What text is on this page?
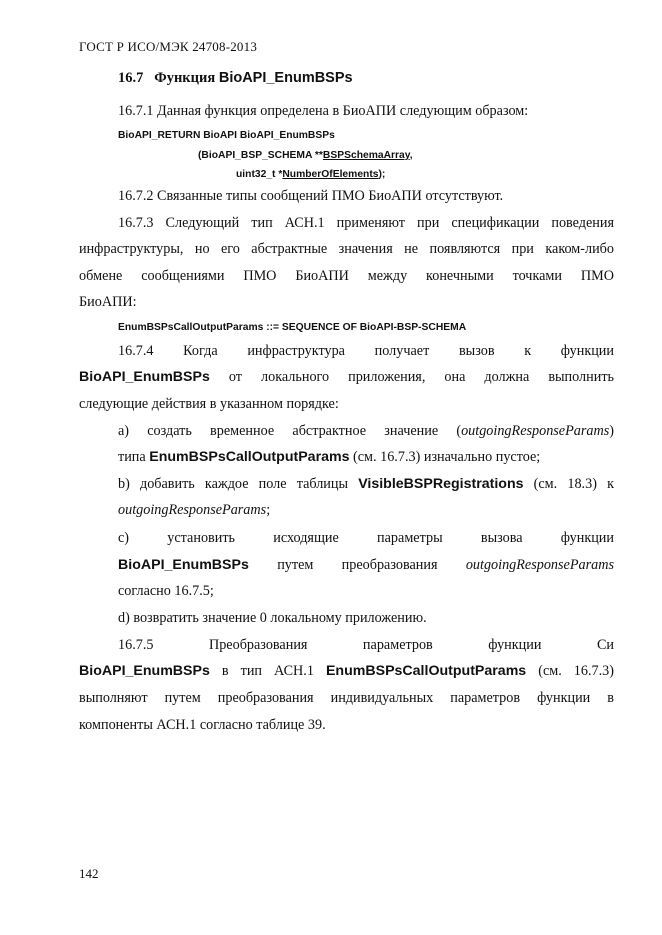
ГОСТ Р ИСО/МЭК 24708-2013
16.7 Функция BioAPI_EnumBSPs
16.7.1 Данная функция определена в БиоАПИ следующим образом:
BioAPI_RETURN BioAPI BioAPI_EnumBSPs
(BioAPI_BSP_SCHEMA **BSPSchemaArray,
uint32_t *NumberOfElements);
16.7.2 Связанные типы сообщений ПМО БиоАПИ отсутствуют.
16.7.3 Следующий тип АСН.1 применяют при спецификации поведения
инфраструктуры, но его абстрактные значения не появляются при каком-либо
обмене сообщениями ПМО БиоАПИ между конечными точками ПМО
БиоАПИ:
EnumBSPsCallOutputParams ::= SEQUENCE OF BioAPI-BSP-SCHEMA
16.7.4 Когда инфраструктура получает вызов к функции
BioAPI_EnumBSPs от локального приложения, она должна выполнить
следующие действия в указанном порядке:
a) создать временное абстрактное значение (outgoingResponseParams)
типа EnumBSPsCallOutputParams (см. 16.7.3) изначально пустое;
b) добавить каждое поле таблицы VisibleBSPRegistrations (см. 18.3) к
outgoingResponseParams;
c) установить исходящие параметры вызова функции
BioAPI_EnumBSPs путем преобразования outgoingResponseParams
согласно 16.7.5;
d) возвратить значение 0 локальному приложению.
16.7.5 Преобразования параметров функции Си
BioAPI_EnumBSPs в тип АСН.1 EnumBSPsCallOutputParams (см. 16.7.3)
выполняют путем преобразования индивидуальных параметров функции в
компоненты АСН.1 согласно таблице 39.
142
